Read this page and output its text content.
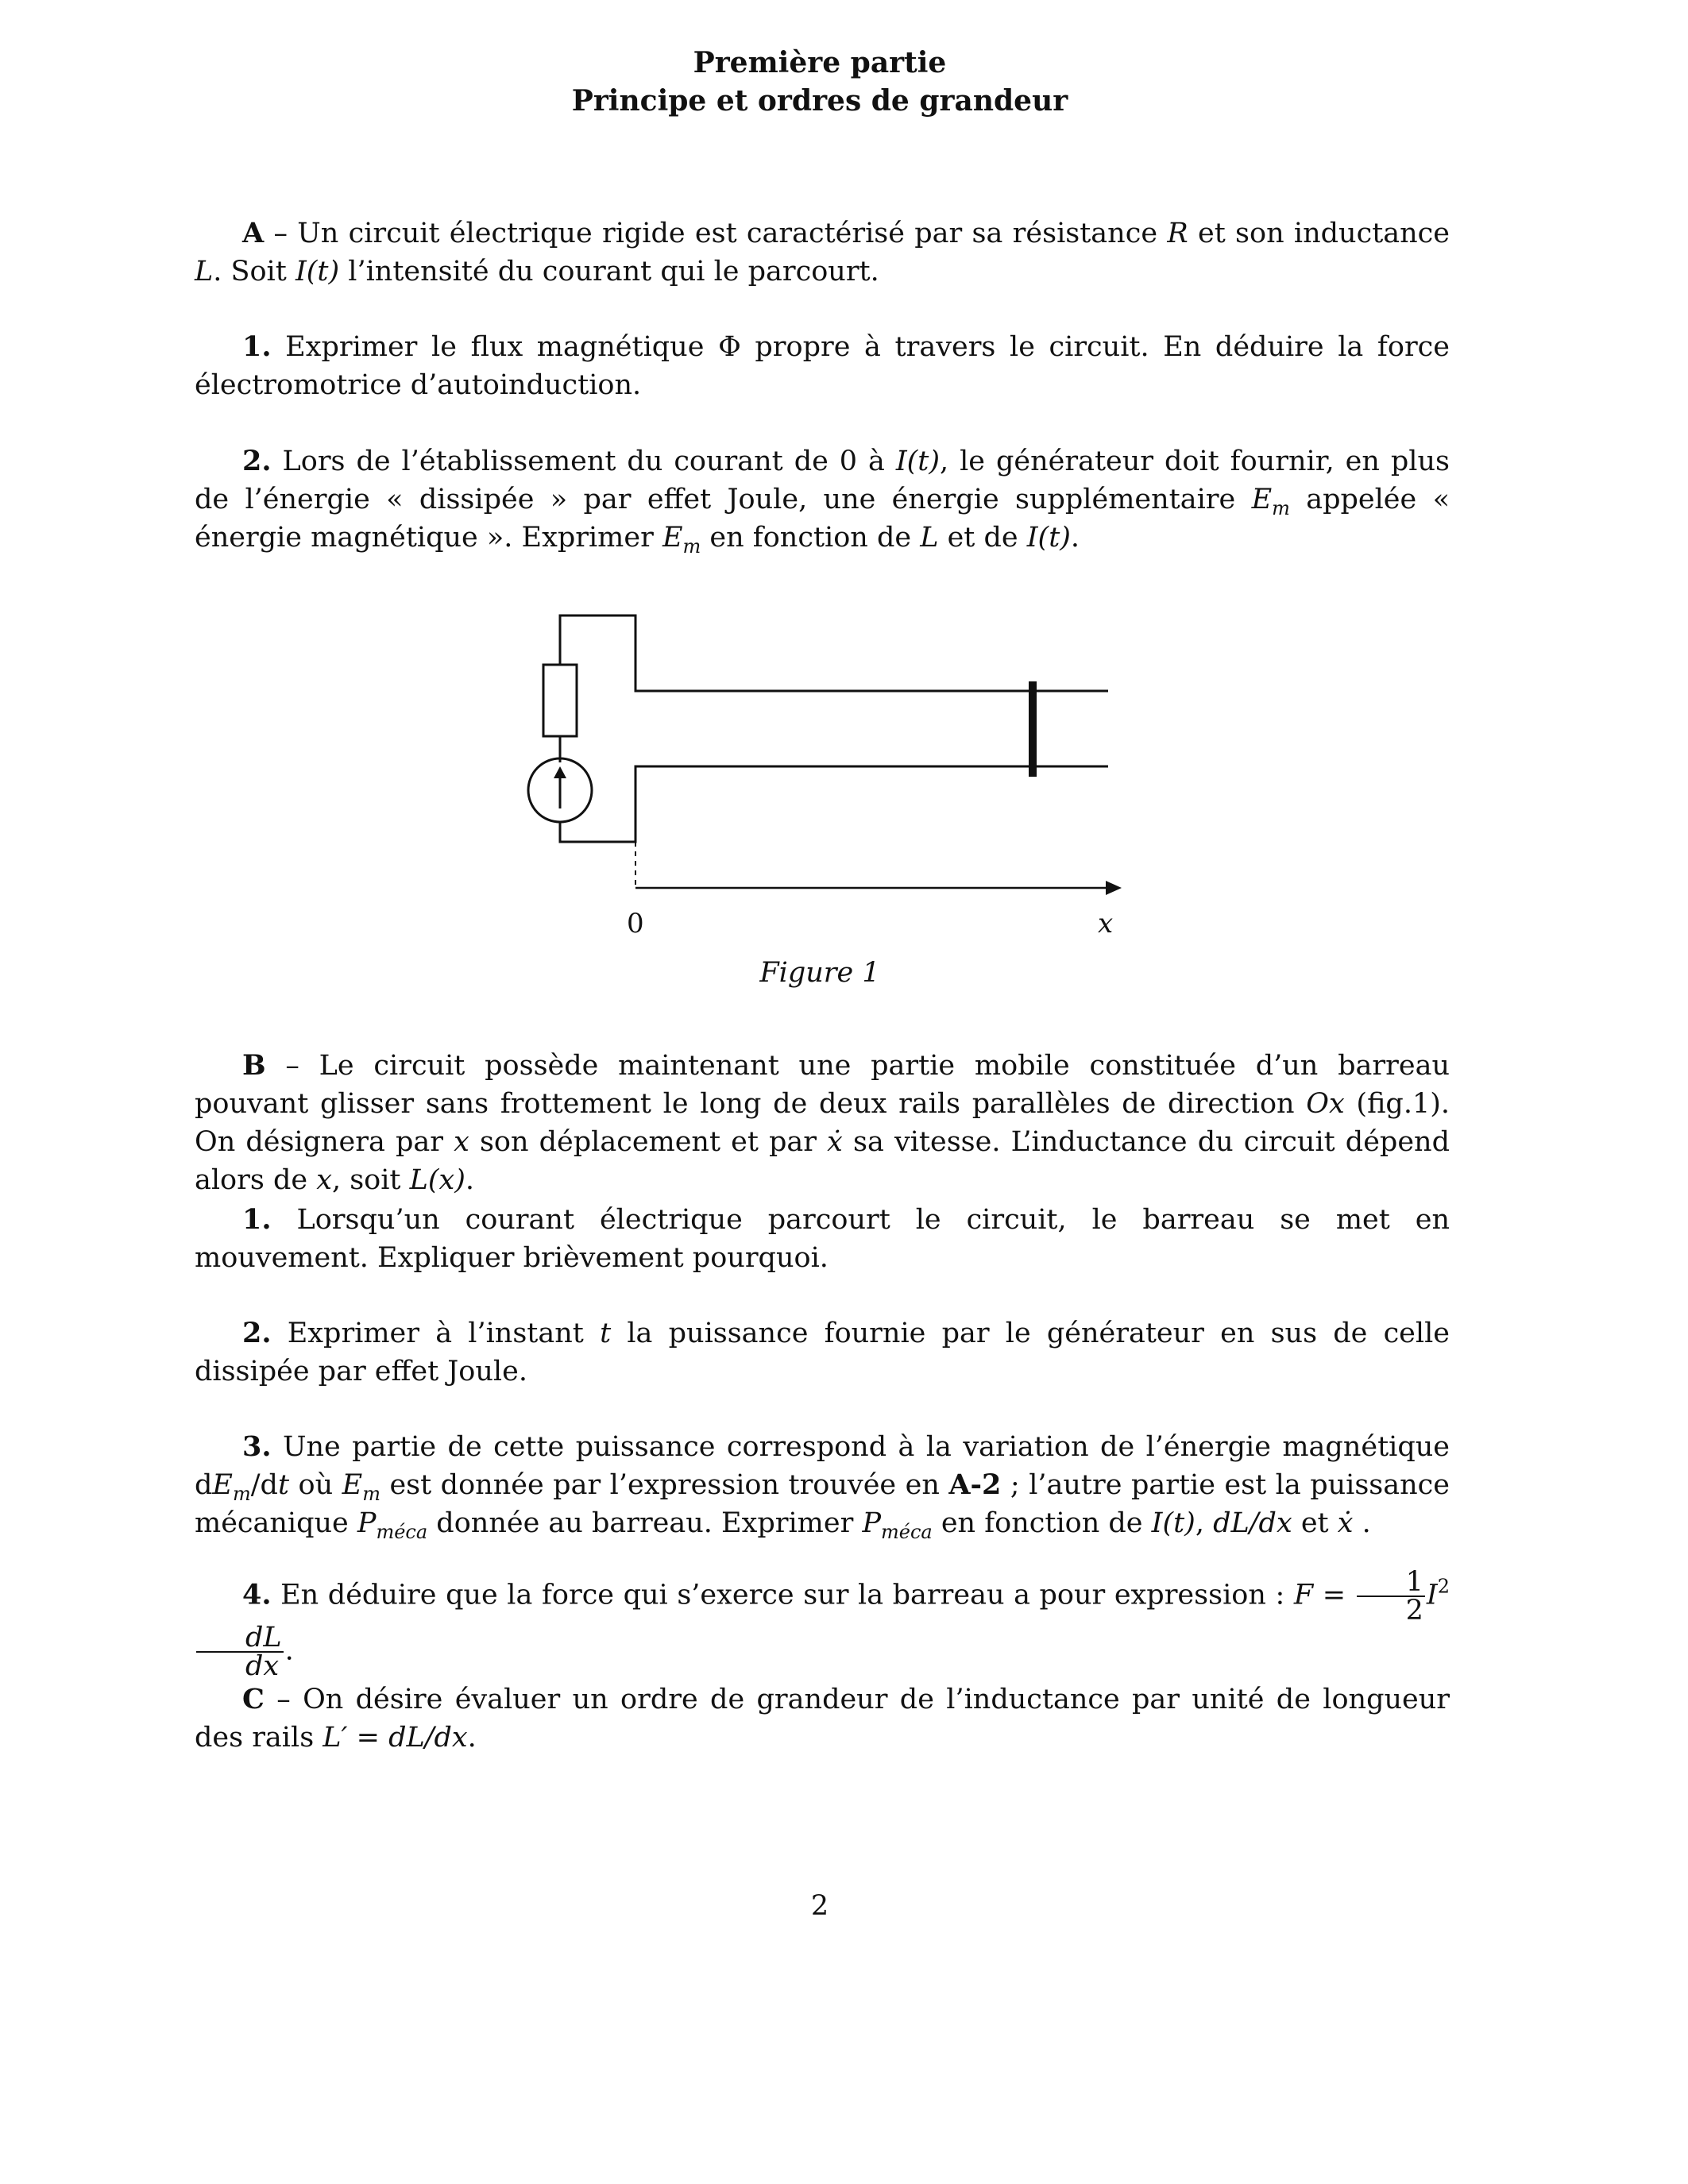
Première partie
Principe et ordres de grandeur
A – Un circuit électrique rigide est caractérisé par sa résistance R et son inductance L. Soit I(t) l’intensité du courant qui le parcourt.
1. Exprimer le flux magnétique Φ propre à travers le circuit. En déduire la force électromotrice d’autoinduction.
2. Lors de l’établissement du courant de 0 à I(t), le générateur doit fournir, en plus de l’énergie « dissipée » par effet Joule, une énergie supplémentaire $E_m$ appelée « énergie magnétique ». Exprimer $E_m$ en fonction de L et de I(t).
0	x
Figure 1
B – Le circuit possède maintenant une partie mobile constituée d’un barreau pouvant glisser sans frottement le long de deux rails parallèles de direction Ox (fig.1). On désignera par x son déplacement et par ẋ sa vitesse. L’inductance du circuit dépend alors de x, soit L(x).
1. Lorsqu’un courant électrique parcourt le circuit, le barreau se met en mouvement. Expliquer brièvement pourquoi.
2. Exprimer à l’instant t la puissance fournie par le générateur en sus de celle dissipée par effet Joule.
3. Une partie de cette puissance correspond à la variation de l’énergie magnétique $dE_m/dt$ où $E_m$ est donnée par l’expression trouvée en A-2 ; l’autre partie est la puissance mécanique $P_{méca}$ donnée au barreau. Exprimer $P_{méca}$ en fonction de I(t), dL/dx et ẋ .
4. En déduire que la force qui s’exerce sur la barreau a pour expression : $F = \frac{1}{2} I^2$
$\frac{dL}{dx}$ .
C – On désire évaluer un ordre de grandeur de l’inductance par unité de longueur des rails L′ = dL/dx.
2
